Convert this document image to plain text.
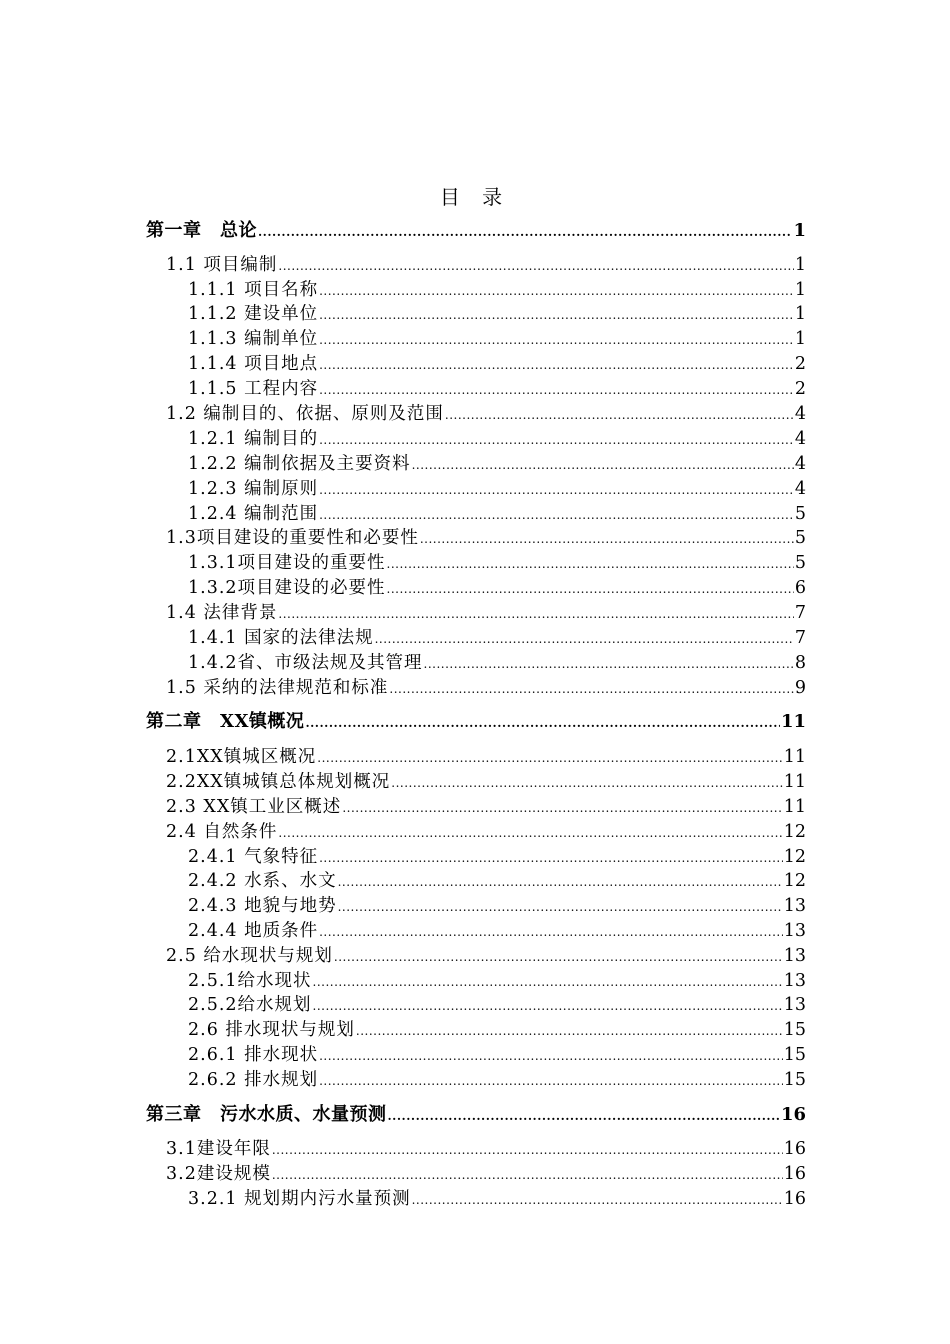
目 录
第一章　总论 .....	1
1.1 项目编制 .....	1
1.1.1 项目名称 .....	1
1.1.2 建设单位 .....	1
1.1.3 编制单位 .....	1
1.1.4 项目地点 .....	2
1.1.5 工程内容 .....	2
1.2 编制目的、依据、原则及范围 .....	4
1.2.1 编制目的 .....	4
1.2.2 编制依据及主要资料 .....	4
1.2.3 编制原则 .....	4
1.2.4 编制范围 .....	5
1.3项目建设的重要性和必要性 .....	5
1.3.1项目建设的重要性 .....	5
1.3.2项目建设的必要性 .....	6
1.4 法律背景 .....	7
1.4.1 国家的法律法规 .....	7
1.4.2省、市级法规及其管理 .....	8
1.5 采纳的法律规范和标准 .....	9
第二章　XX镇概况 .....	11
2.1XX镇城区概况 .....	11
2.2XX镇城镇总体规划概况 .....	11
2.3 XX镇工业区概述 .....	11
2.4 自然条件 .....	12
2.4.1 气象特征 .....	12
2.4.2 水系、水文 .....	12
2.4.3 地貌与地势 .....	13
2.4.4 地质条件 .....	13
2.5 给水现状与规划 .....	13
2.5.1给水现状 .....	13
2.5.2给水规划 .....	13
2.6 排水现状与规划 .....	15
2.6.1 排水现状 .....	15
2.6.2 排水规划 .....	15
第三章　污水水质、水量预测 .....	16
3.1建设年限 .....	16
3.2建设规模 .....	16
3.2.1 规划期内污水量预测 .....	16
